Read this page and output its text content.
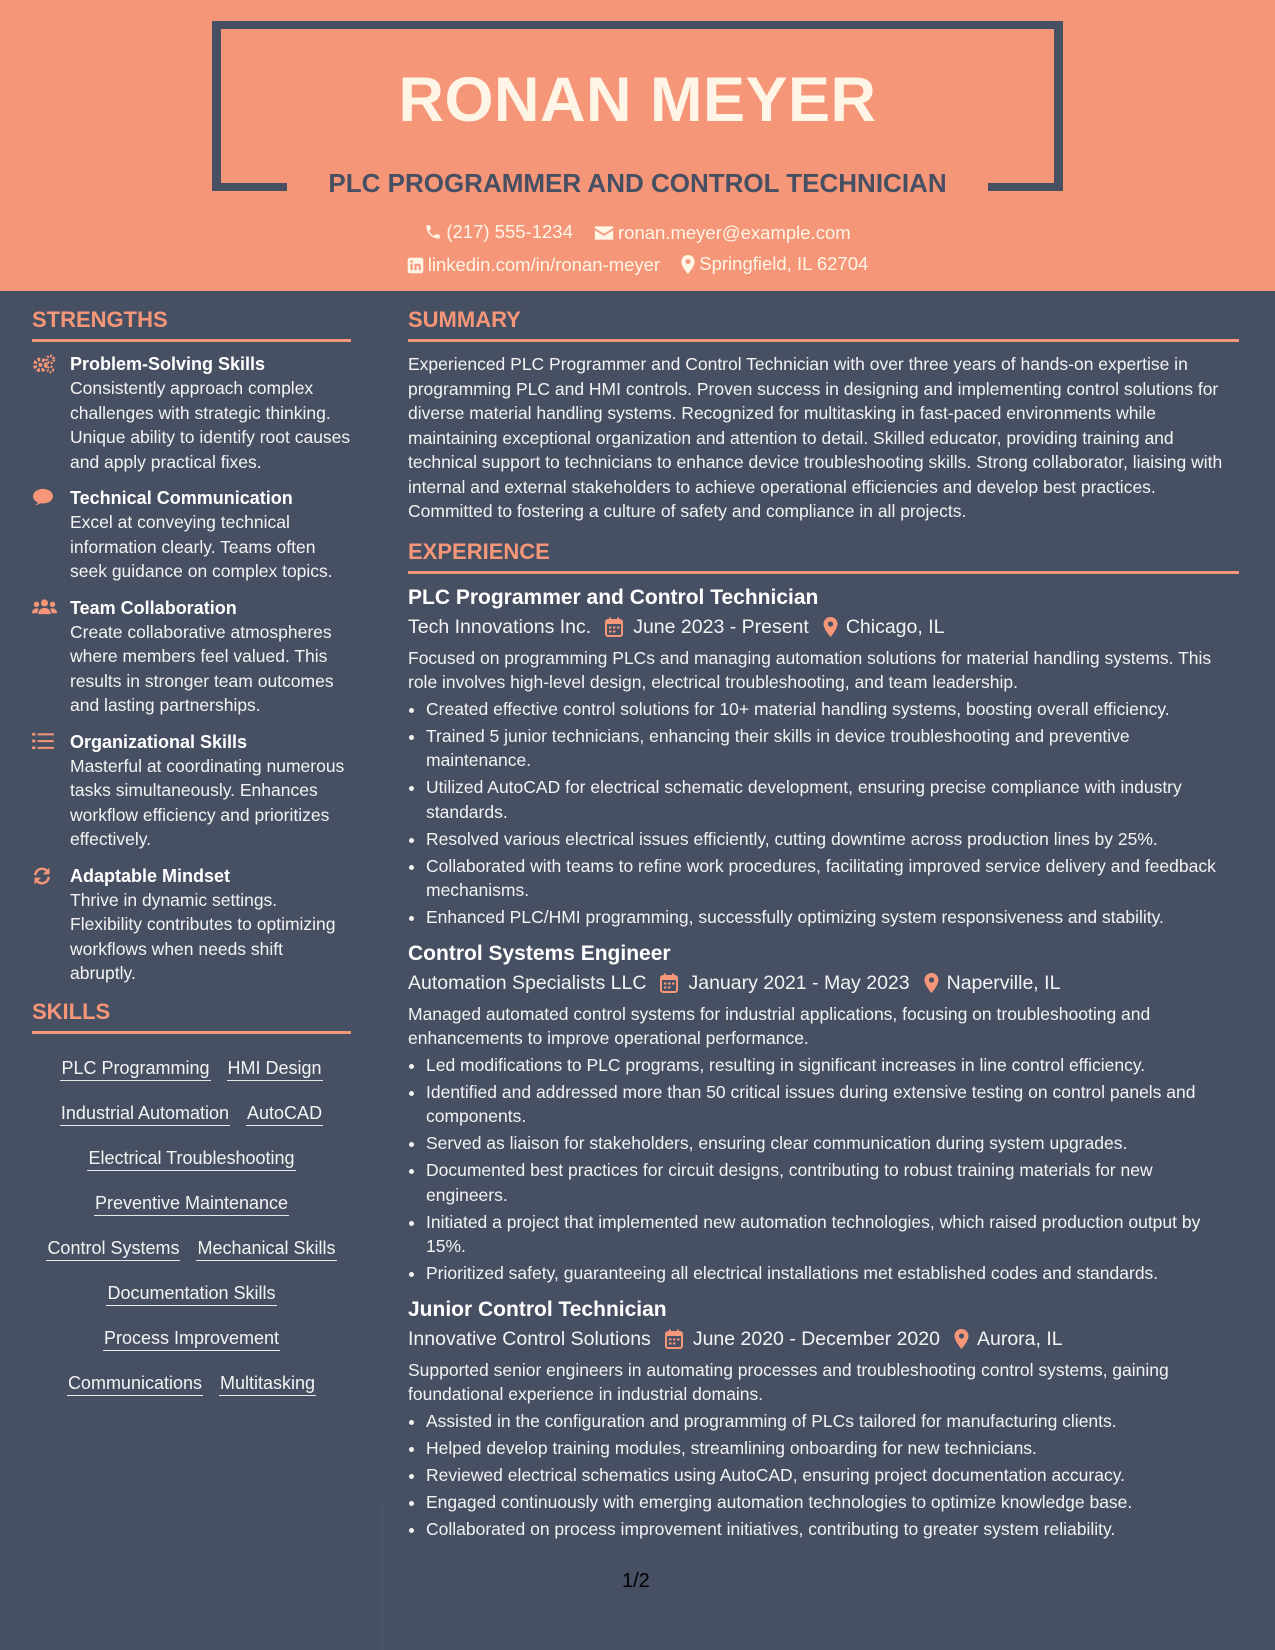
RONAN MEYER
PLC PROGRAMMER AND CONTROL TECHNICIAN
(217) 555-1234
ronan.meyer@example.com
linkedin.com/in/ronan-meyer
Springfield, IL 62704
STRENGTHS
Problem-Solving Skills
Consistently approach complex challenges with strategic thinking. Unique ability to identify root causes and apply practical fixes.
Technical Communication
Excel at conveying technical information clearly. Teams often seek guidance on complex topics.
Team Collaboration
Create collaborative atmospheres where members feel valued. This results in stronger team outcomes and lasting partnerships.
Organizational Skills
Masterful at coordinating numerous tasks simultaneously. Enhances workflow efficiency and prioritizes effectively.
Adaptable Mindset
Thrive in dynamic settings. Flexibility contributes to optimizing workflows when needs shift abruptly.
SKILLS
PLC Programming HMI Design
Industrial Automation AutoCAD
Electrical Troubleshooting
Preventive Maintenance
Control Systems Mechanical Skills
Documentation Skills
Process Improvement
Communications Multitasking
SUMMARY
Experienced PLC Programmer and Control Technician with over three years of hands-on expertise in programming PLC and HMI controls. Proven success in designing and implementing control solutions for diverse material handling systems. Recognized for multitasking in fast-paced environments while maintaining exceptional organization and attention to detail. Skilled educator, providing training and technical support to technicians to enhance device troubleshooting skills. Strong collaborator, liaising with internal and external stakeholders to achieve operational efficiencies and develop best practices. Committed to fostering a culture of safety and compliance in all projects.
EXPERIENCE
PLC Programmer and Control Technician
Tech Innovations Inc. June 2023 - Present Chicago, IL
Focused on programming PLCs and managing automation solutions for material handling systems. This role involves high-level design, electrical troubleshooting, and team leadership.
• Created effective control solutions for 10+ material handling systems, boosting overall efficiency.
• Trained 5 junior technicians, enhancing their skills in device troubleshooting and preventive maintenance.
• Utilized AutoCAD for electrical schematic development, ensuring precise compliance with industry standards.
• Resolved various electrical issues efficiently, cutting downtime across production lines by 25%.
• Collaborated with teams to refine work procedures, facilitating improved service delivery and feedback mechanisms.
• Enhanced PLC/HMI programming, successfully optimizing system responsiveness and stability.
Control Systems Engineer
Automation Specialists LLC January 2021 - May 2023 Naperville, IL
Managed automated control systems for industrial applications, focusing on troubleshooting and enhancements to improve operational performance.
• Led modifications to PLC programs, resulting in significant increases in line control efficiency.
• Identified and addressed more than 50 critical issues during extensive testing on control panels and components.
• Served as liaison for stakeholders, ensuring clear communication during system upgrades.
• Documented best practices for circuit designs, contributing to robust training materials for new engineers.
• Initiated a project that implemented new automation technologies, which raised production output by 15%.
• Prioritized safety, guaranteeing all electrical installations met established codes and standards.
Junior Control Technician
Innovative Control Solutions June 2020 - December 2020 Aurora, IL
Supported senior engineers in automating processes and troubleshooting control systems, gaining foundational experience in industrial domains.
• Assisted in the configuration and programming of PLCs tailored for manufacturing clients.
• Helped develop training modules, streamlining onboarding for new technicians.
• Reviewed electrical schematics using AutoCAD, ensuring project documentation accuracy.
• Engaged continuously with emerging automation technologies to optimize knowledge base.
• Collaborated on process improvement initiatives, contributing to greater system reliability.
1/2
